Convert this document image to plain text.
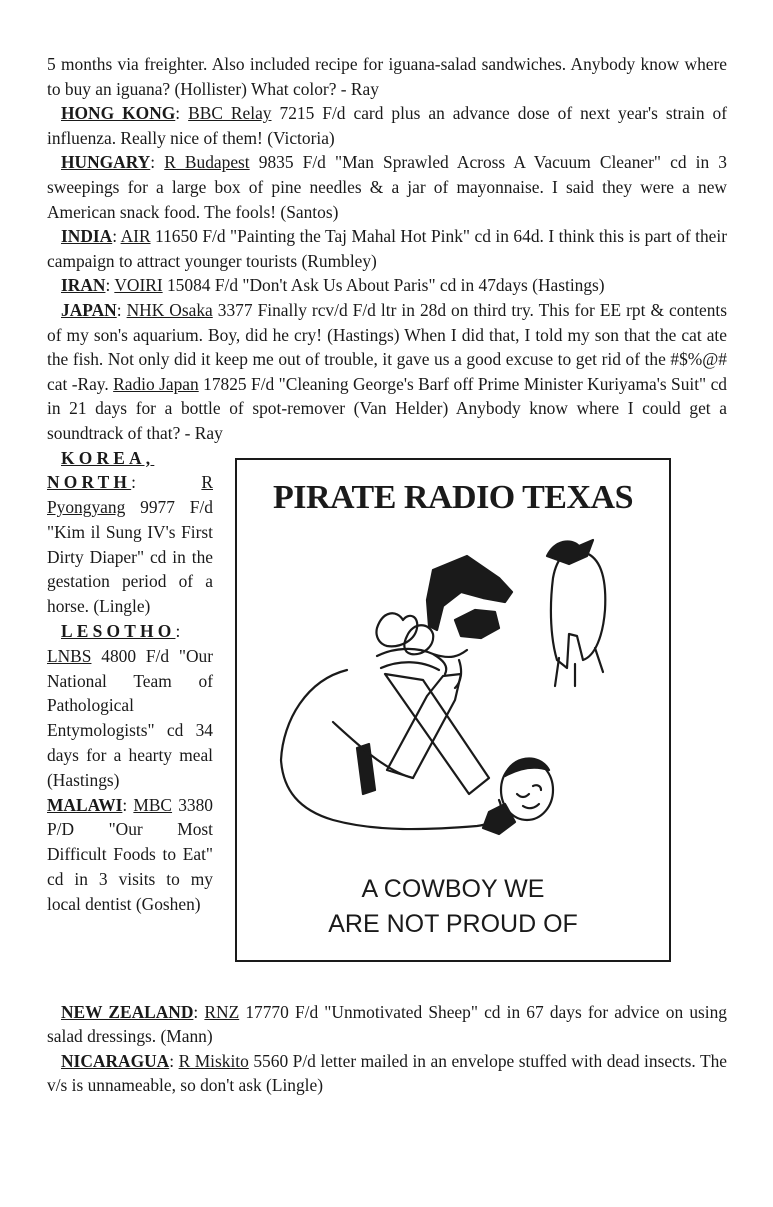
5 months via freighter. Also included recipe for iguana-salad sandwiches. Anybody know where to buy an iguana? (Hollister) What color? - Ray

HONG KONG: BBC Relay 7215 F/d card plus an advance dose of next year's strain of influenza. Really nice of them! (Victoria)

HUNGARY: R Budapest 9835 F/d "Man Sprawled Across A Vacuum Cleaner" cd in 3 sweepings for a large box of pine needles & a jar of mayonnaise. I said they were a new American snack food. The fools! (Santos)

INDIA: AIR 11650 F/d "Painting the Taj Mahal Hot Pink" cd in 64d. I think this is part of their campaign to attract younger tourists (Rumbley)

IRAN: VOIRI 15084 F/d "Don't Ask Us About Paris" cd in 47days (Hastings)

JAPAN: NHK Osaka 3377 Finally rcv/d F/d ltr in 28d on third try. This for EE rpt & contents of my son's aquarium. Boy, did he cry! (Hastings) When I did that, I told my son that the cat ate the fish. Not only did it keep me out of trouble, it gave us a good excuse to get rid of the #$%@# cat -Ray. Radio Japan 17825 F/d "Cleaning George's Barf off Prime Minister Kuriyama's Suit" cd in 21 days for a bottle of spot-remover (Van Helder) Anybody know where I could get a soundtrack of that? - Ray

KOREA, NORTH: R Pyongyang 9977 F/d "Kim il Sung IV's First Dirty Diaper" cd in the gestation period of a horse. (Lingle)

LESOTHO: LNBS 4800 F/d "Our National Team of Pathological Entymologists" cd 34 days for a hearty meal (Hastings)

MALAWI: MBC 3380 P/D "Our Most Difficult Foods to Eat" cd in 3 visits to my local dentist (Goshen)

PIRATE RADIO TEXAS
A COWBOY WE
ARE NOT PROUD OF

NEW ZEALAND: RNZ 17770 F/d "Unmotivated Sheep" cd in 67 days for advice on using salad dressings. (Mann)

NICARAGUA: R Miskito 5560 P/d letter mailed in an envelope stuffed with dead insects. The v/s is unnameable, so don't ask (Lingle)
